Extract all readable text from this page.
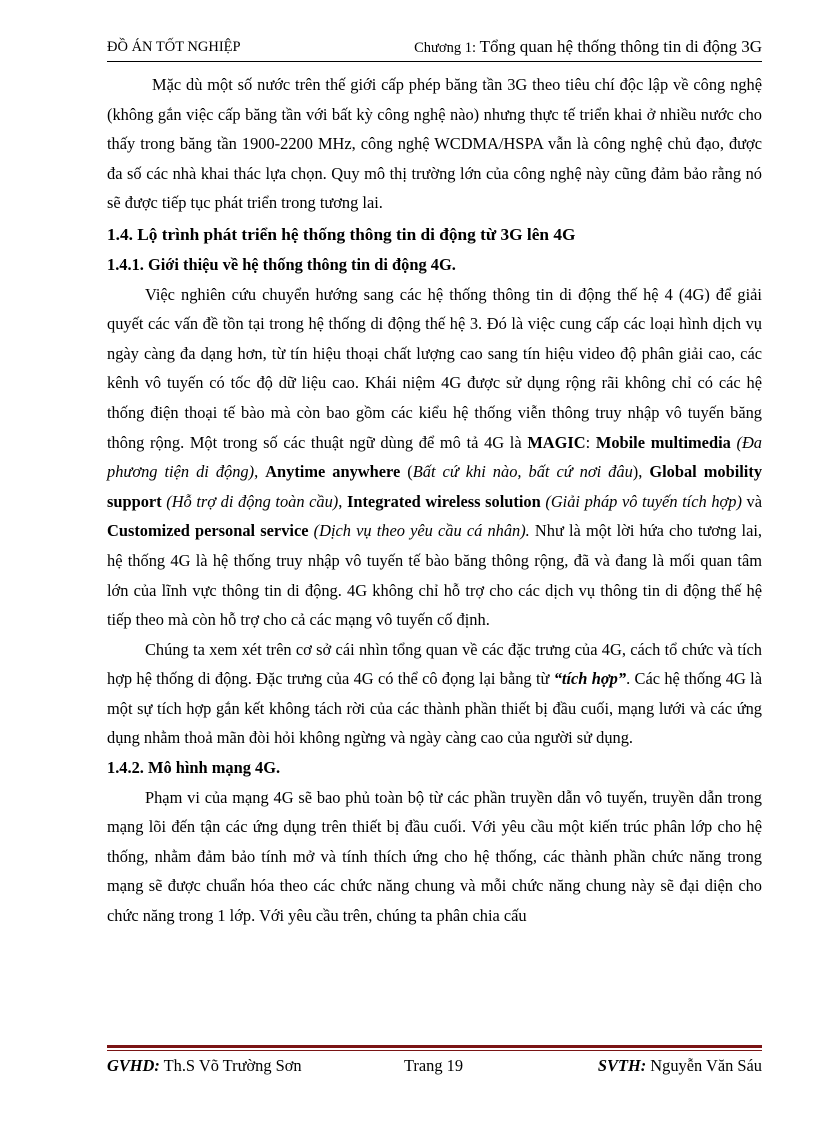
ĐỒ ÁN TỐT NGHIỆP	Chương 1: Tổng quan hệ thống thông tin di động 3G

Mặc dù một số nước trên thế giới cấp phép băng tần 3G theo tiêu chí độc lập về công nghệ (không gắn việc cấp băng tần với bất kỳ công nghệ nào) nhưng thực tế triển khai ở nhiều nước cho thấy trong băng tần 1900-2200 MHz, công nghệ WCDMA/HSPA vẫn là công nghệ chủ đạo, được đa số các nhà khai thác lựa chọn. Quy mô thị trường lớn của công nghệ này cũng đảm bảo rằng nó sẽ được tiếp tục phát triển trong tương lai.

1.4. Lộ trình phát triển hệ thống thông tin di động từ 3G lên 4G
1.4.1. Giới thiệu về hệ thống thông tin di động 4G.

Việc nghiên cứu chuyển hướng sang các hệ thống thông tin di động thế hệ 4 (4G) để giải quyết các vấn đề tồn tại trong hệ thống di động thế hệ 3. Đó là việc cung cấp các loại hình dịch vụ ngày càng đa dạng hơn, từ tín hiệu thoại chất lượng cao sang tín hiệu video độ phân giải cao, các kênh vô tuyến có tốc độ dữ liệu cao. Khái niệm 4G được sử dụng rộng rãi không chỉ có các hệ thống điện thoại tế bào mà còn bao gồm các kiểu hệ thống viễn thông truy nhập vô tuyến băng thông rộng. Một trong số các thuật ngữ dùng để mô tả 4G là MAGIC: Mobile multimedia (Đa phương tiện di động), Anytime anywhere (Bất cứ khi nào, bất cứ nơi đâu), Global mobility support (Hỗ trợ di động toàn cầu), Integrated wireless solution (Giải pháp vô tuyến tích hợp) và Customized personal service (Dịch vụ theo yêu cầu cá nhân). Như là một lời hứa cho tương lai, hệ thống 4G là hệ thống truy nhập vô tuyến tế bào băng thông rộng, đã và đang là mối quan tâm lớn của lĩnh vực thông tin di động. 4G không chỉ hỗ trợ cho các dịch vụ thông tin di động thế hệ tiếp theo mà còn hỗ trợ cho cả các mạng vô tuyến cố định.

Chúng ta xem xét trên cơ sở cái nhìn tổng quan về các đặc trưng của 4G, cách tổ chức và tích hợp hệ thống di động. Đặc trưng của 4G có thể cô đọng lại bằng từ “tích hợp”. Các hệ thống 4G là một sự tích hợp gắn kết không tách rời của các thành phần thiết bị đầu cuối, mạng lưới và các ứng dụng nhằm thoả mãn đòi hỏi không ngừng và ngày càng cao của người sử dụng.

1.4.2. Mô hình mạng 4G.

Phạm vi của mạng 4G sẽ bao phủ toàn bộ từ các phần truyền dẫn vô tuyến, truyền dẫn trong mạng lõi đến tận các ứng dụng trên thiết bị đầu cuối. Với yêu cầu một kiến trúc phân lớp cho hệ thống, nhằm đảm bảo tính mở và tính thích ứng cho hệ thống, các thành phần chức năng trong mạng sẽ được chuẩn hóa theo các chức năng chung và mỗi chức năng chung này sẽ đại diện cho chức năng trong 1 lớp. Với yêu cầu trên, chúng ta phân chia cấu

GVHD: Th.S Võ Trường Sơn	Trang 19	SVTH: Nguyễn Văn Sáu
